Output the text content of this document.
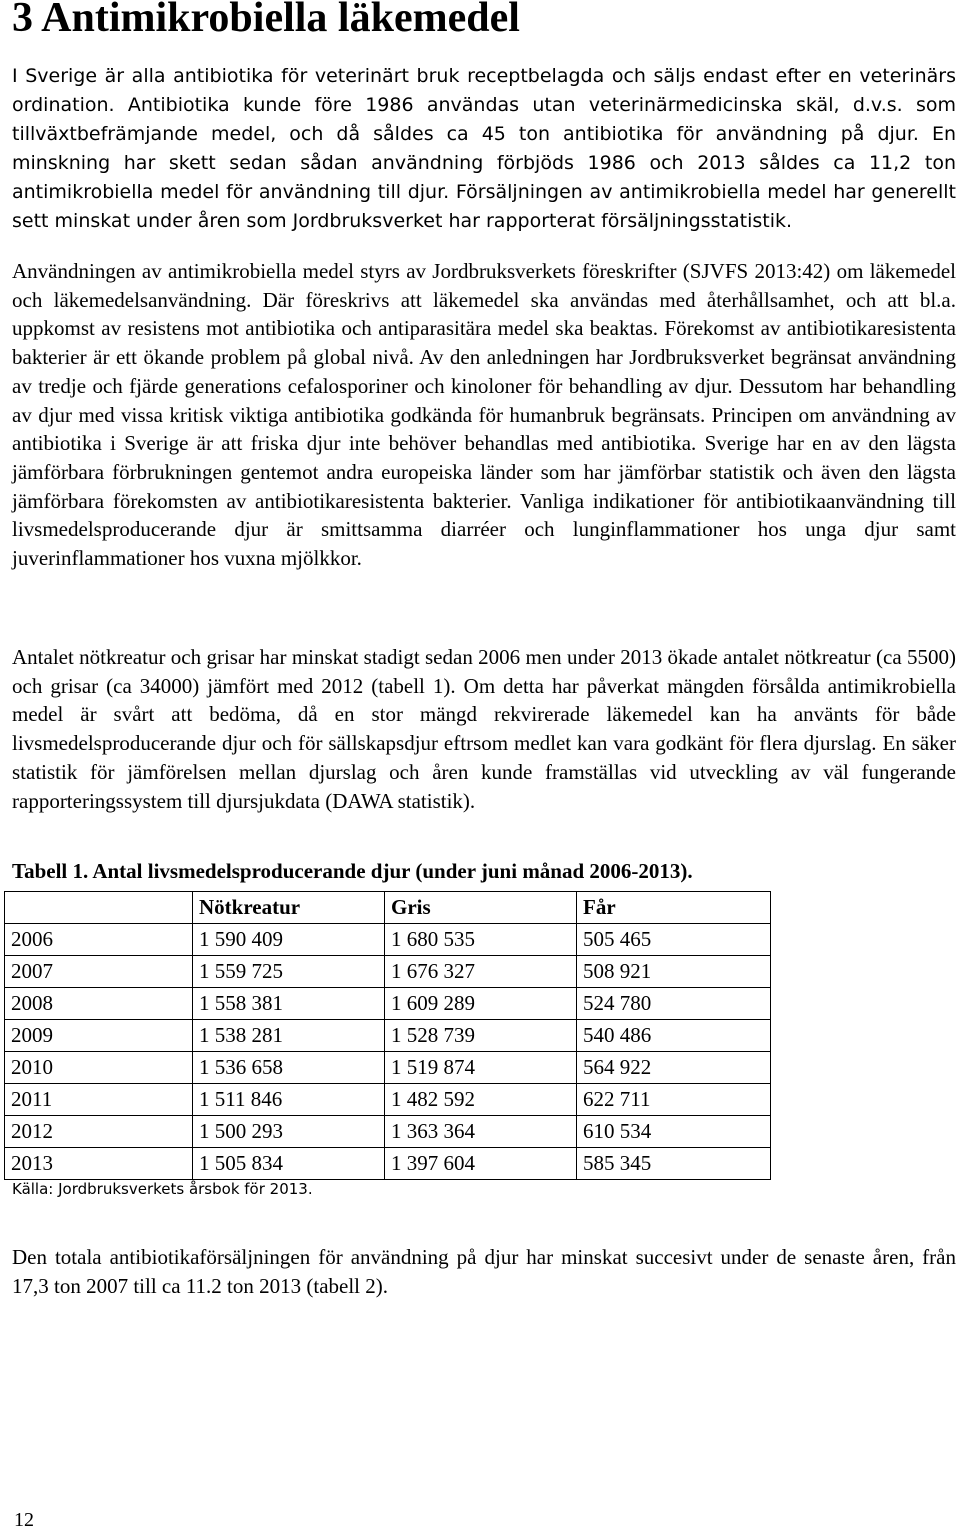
3 Antimikrobiella läkemedel

I Sverige är alla antibiotika för veterinärt bruk receptbelagda och säljs endast efter en veterinärs ordination. Antibiotika kunde före 1986 användas utan veterinärmedicinska skäl, d.v.s. som tillväxtbefrämjande medel, och då såldes ca 45 ton antibiotika för användning på djur. En minskning har skett sedan sådan användning förbjöds 1986 och 2013 såldes ca 11,2 ton antimikrobiella medel för användning till djur. Försäljningen av antimikrobiella medel har generellt sett minskat under åren som Jordbruksverket har rapporterat försäljningsstatistik.

Användningen av antimikrobiella medel styrs av Jordbruksverkets föreskrifter (SJVFS 2013:42) om läkemedel och läkemedelsanvändning. Där föreskrivs att läkemedel ska användas med återhållsamhet, och att bl.a. uppkomst av resistens mot antibiotika och antiparasitära medel ska beaktas. Förekomst av antibiotikaresistenta bakterier är ett ökande problem på global nivå. Av den anledningen har Jordbruksverket begränsat användning av tredje och fjärde generations cefalosporiner och kinoloner för behandling av djur. Dessutom har behandling av djur med vissa kritisk viktiga antibiotika godkända för humanbruk begränsats. Principen om användning av antibiotika i Sverige är att friska djur inte behöver behandlas med antibiotika. Sverige har en av den lägsta jämförbara förbrukningen gentemot andra europeiska länder som har jämförbar statistik och även den lägsta jämförbara förekomsten av antibiotikaresistenta bakterier. Vanliga indikationer för antibiotikaanvändning till livsmedelsproducerande djur är smittsamma diarréer och lunginflammationer hos unga djur samt juverinflammationer hos vuxna mjölkkor.

Antalet nötkreatur och grisar har minskat stadigt sedan 2006 men under 2013 ökade antalet nötkreatur (ca 5500) och grisar (ca 34000) jämfört med 2012 (tabell 1). Om detta har påverkat mängden försålda antimikrobiella medel är svårt att bedöma, då en stor mängd rekvirerade läkemedel kan ha använts för både livsmedelsproducerande djur och för sällskapsdjur eftrsom medlet kan vara godkänt för flera djurslag. En säker statistik för jämförelsen mellan djurslag och åren kunde framställas vid utveckling av väl fungerande rapporteringssystem till djursjukdata (DAWA statistik).

Tabell 1. Antal livsmedelsproducerande djur (under juni månad 2006-2013).

	Nötkreatur	Gris	Får
2006	1 590 409	1 680 535	505 465
2007	1 559 725	1 676 327	508 921
2008	1 558 381	1 609 289	524 780
2009	1 538 281	1 528 739	540 486
2010	1 536 658	1 519 874	564 922
2011	1 511 846	1 482 592	622 711
2012	1 500 293	1 363 364	610 534
2013	1 505 834	1 397 604	585 345

Källa: Jordbruksverkets årsbok för 2013.

Den totala antibiotikaförsäljningen för användning på djur har minskat succesivt under de senaste åren, från 17,3 ton 2007 till ca 11.2 ton 2013 (tabell 2).

12
